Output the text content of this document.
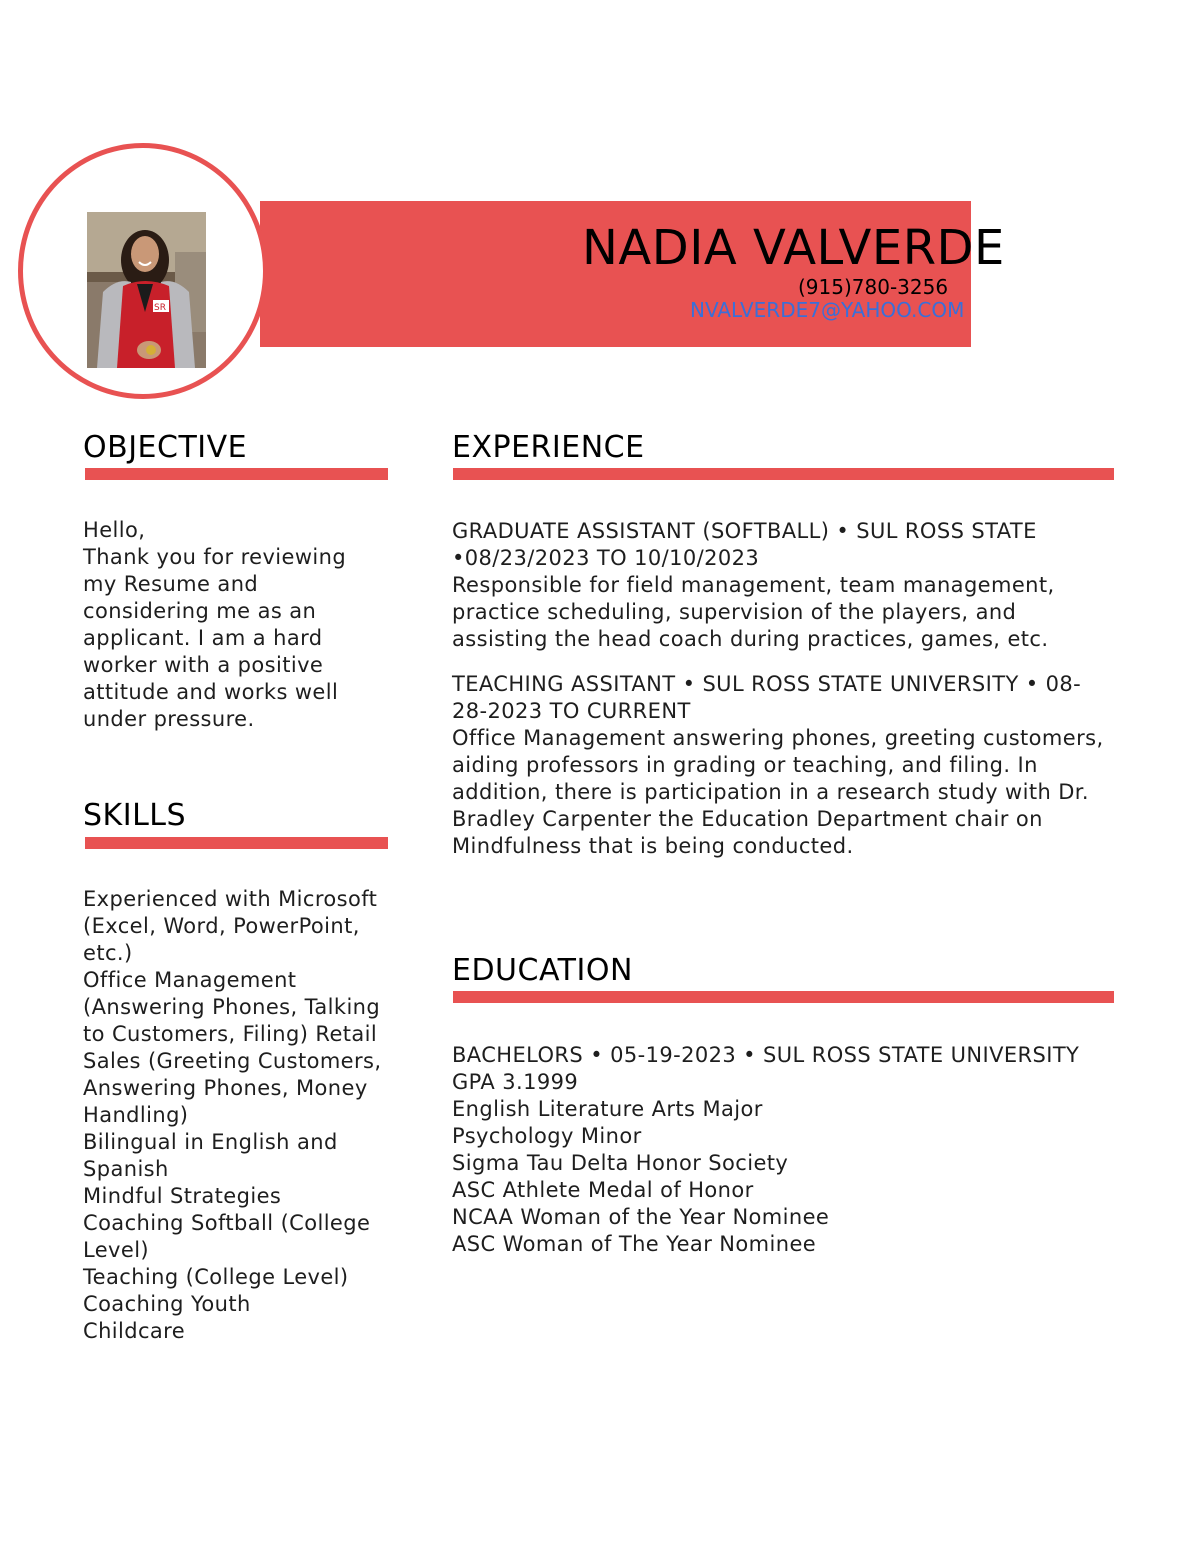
SR
NADIA VALVERDE
(915)780-3256
NVALVERDE7@YAHOO.COM
OBJECTIVE
Hello,
Thank you for reviewing my Resume and considering me as an applicant. I am a hard worker with a positive attitude and works well under pressure.
SKILLS
Experienced with Microsoft (Excel, Word, PowerPoint, etc.)
Office Management (Answering Phones, Talking to Customers, Filing) Retail Sales (Greeting Customers, Answering Phones, Money Handling)
Bilingual in English and Spanish
Mindful Strategies
Coaching Softball (College Level)
Teaching (College Level)
Coaching Youth
Childcare
EXPERIENCE

GRADUATE ASSISTANT (SOFTBALL) • SUL ROSS STATE •08/23/2023 TO 10/10/2023

Responsible for field management, team management, practice scheduling, supervision of the players, and assisting the head coach during practices, games, etc.

TEACHING ASSITANT • SUL ROSS STATE UNIVERSITY • 08-28-2023 TO CURRENT

Office Management answering phones, greeting customers, aiding professors in grading or teaching, and filing. In addition, there is participation in a research study with Dr. Bradley Carpenter the Education Department chair on Mindfulness that is being conducted.

EDUCATION
BACHELORS • 05-19-2023 • SUL ROSS STATE UNIVERSITY
GPA 3.1999
English Literature Arts Major
Psychology Minor
Sigma Tau Delta Honor Society
ASC Athlete Medal of Honor
NCAA Woman of the Year Nominee
ASC Woman of The Year Nominee
